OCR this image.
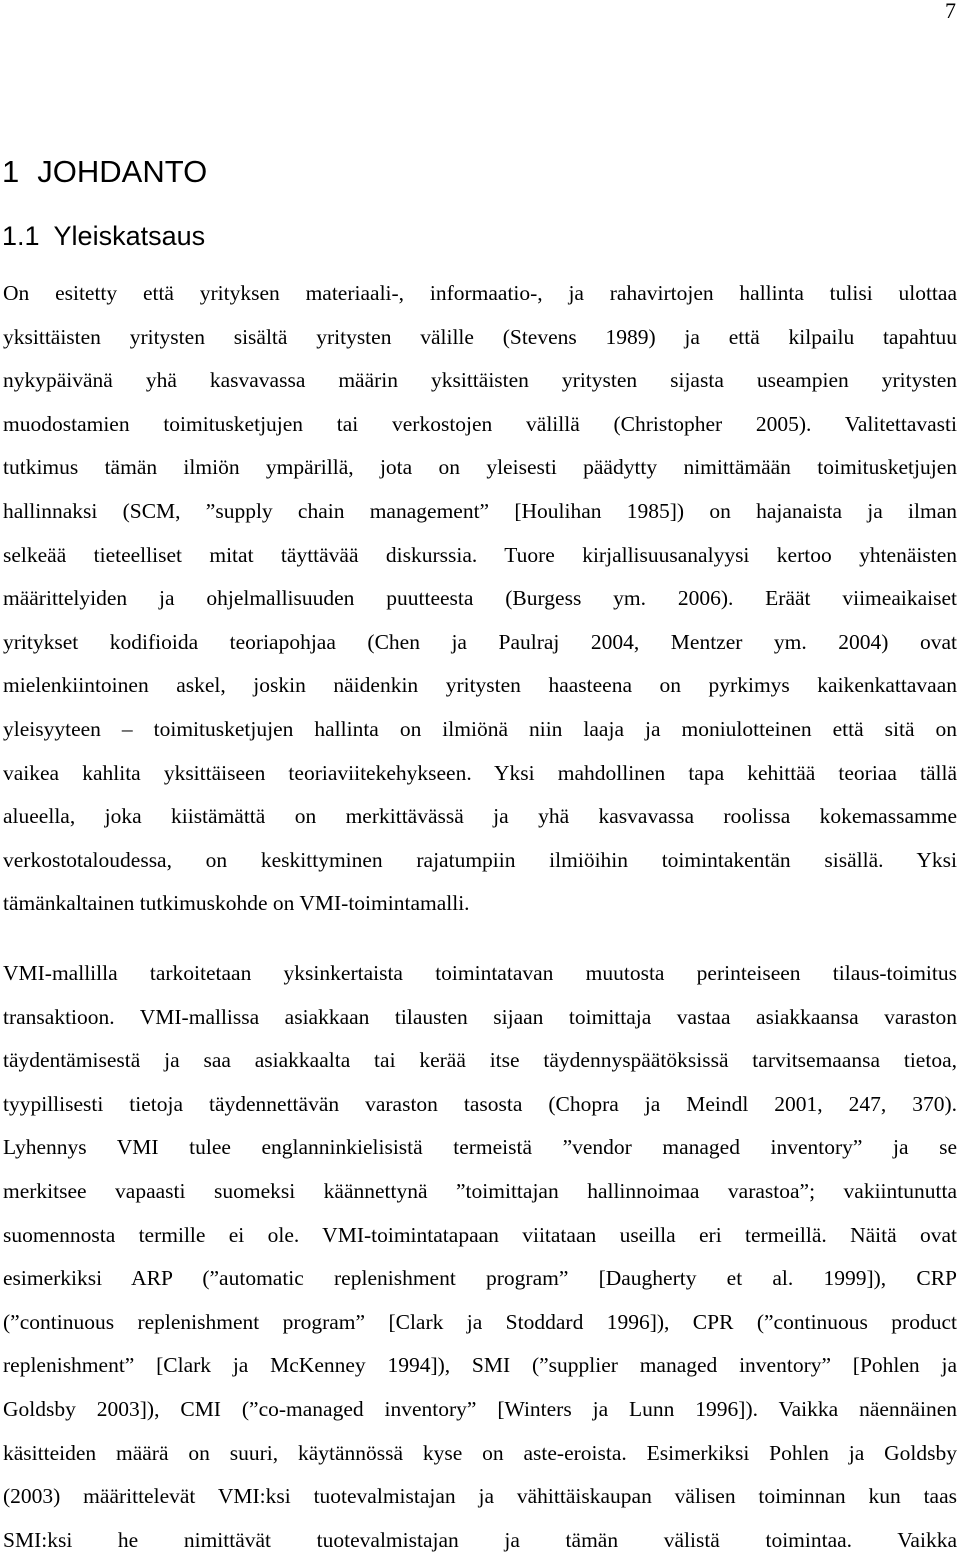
7
1 JOHDANTO
1.1 Yleiskatsaus
On esitetty että yrityksen materiaali-, informaatio-, ja rahavirtojen hallinta tulisi ulottaa
yksittäisten yritysten sisältä yritysten välille (Stevens 1989) ja että kilpailu tapahtuu
nykypäivänä yhä kasvavassa määrin yksittäisten yritysten sijasta useampien yritysten
muodostamien toimitusketjujen tai verkostojen välillä (Christopher 2005). Valitettavasti
tutkimus tämän ilmiön ympärillä, jota on yleisesti päädytty nimittämään toimitusketjujen
hallinnaksi (SCM, ”supply chain management” [Houlihan 1985]) on hajanaista ja ilman
selkeää tieteelliset mitat täyttävää diskurssia. Tuore kirjallisuusanalyysi kertoo yhtenäisten
määrittelyiden ja ohjelmallisuuden puutteesta (Burgess ym. 2006). Eräät viimeaikaiset
yritykset kodifioida teoriapohjaa (Chen ja Paulraj 2004, Mentzer ym. 2004) ovat
mielenkiintoinen askel, joskin näidenkin yritysten haasteena on pyrkimys kaikenkattavaan
yleisyyteen – toimitusketjujen hallinta on ilmiönä niin laaja ja moniulotteinen että sitä on
vaikea kahlita yksittäiseen teoriaviitekehykseen. Yksi mahdollinen tapa kehittää teoriaa tällä
alueella, joka kiistämättä on merkittävässä ja yhä kasvavassa roolissa kokemassamme
verkostotaloudessa, on keskittyminen rajatumpiin ilmiöihin toimintakentän sisällä. Yksi
tämänkaltainen tutkimuskohde on VMI-toimintamalli.
VMI-mallilla tarkoitetaan yksinkertaista toimintatavan muutosta perinteiseen tilaus-toimitus
transaktioon. VMI-mallissa asiakkaan tilausten sijaan toimittaja vastaa asiakkaansa varaston
täydentämisestä ja saa asiakkaalta tai kerää itse täydennyspäätöksissä tarvitsemaansa tietoa,
tyypillisesti tietoja täydennettävän varaston tasosta (Chopra ja Meindl 2001, 247, 370).
Lyhennys VMI tulee englanninkielisistä termeistä ”vendor managed inventory” ja se
merkitsee vapaasti suomeksi käännettynä ”toimittajan hallinnoimaa varastoa”; vakiintunutta
suomennosta termille ei ole. VMI-toimintatapaan viitataan useilla eri termeillä. Näitä ovat
esimerkiksi ARP (”automatic replenishment program” [Daugherty et al. 1999]), CRP
(”continuous replenishment program” [Clark ja Stoddard 1996]), CPR (”continuous product
replenishment” [Clark ja McKenney 1994]), SMI (”supplier managed inventory” [Pohlen ja
Goldsby 2003]), CMI (”co-managed inventory” [Winters ja Lunn 1996]). Vaikka näennäinen
käsitteiden määrä on suuri, käytännössä kyse on aste-eroista. Esimerkiksi Pohlen ja Goldsby
(2003) määrittelevät VMI:ksi tuotevalmistajan ja vähittäiskaupan välisen toiminnan kun taas
SMI:ksi he nimittävät tuotevalmistajan ja tämän välistä toimintaa. Vaikka
